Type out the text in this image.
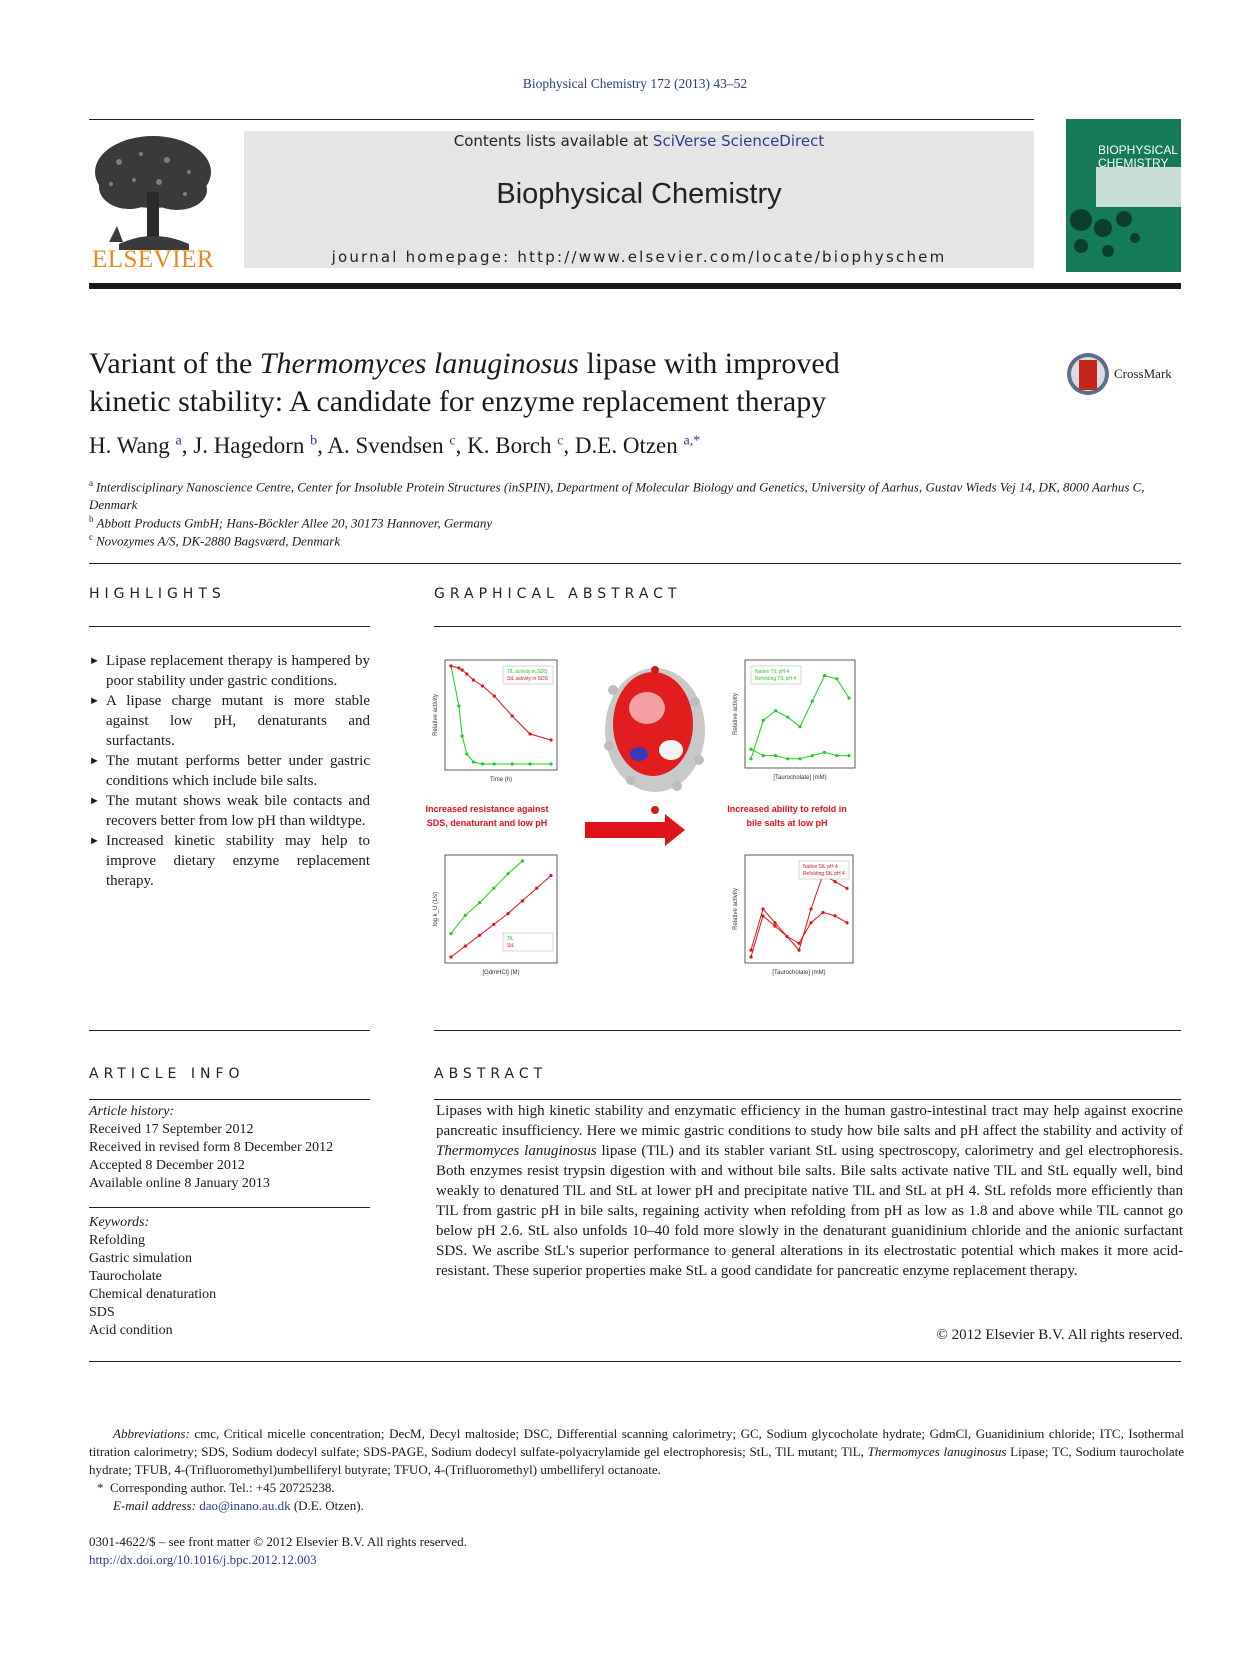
Biophysical Chemistry 172 (2013) 43–52
ELSEVIER
Contents lists available at SciVerse ScienceDirect
Biophysical Chemistry
journal homepage: http://www.elsevier.com/locate/biophyschem
BIOPHYSICAL
CHEMISTRY
Variant of the Thermomyces lanuginosus lipase with improved
kinetic stability: A candidate for enzyme replacement therapy
CrossMark
H. Wang $^a$, J. Hagedorn $^b$, A. Svendsen $^c$, K. Borch $^c$, D.E. Otzen $^{a,*}$
$^a$ Interdisciplinary Nanoscience Centre, Center for Insoluble Protein Structures (inSPIN), Department of Molecular Biology and Genetics, University of Aarhus, Gustav Wieds Vej 14, DK, 8000 Aarhus C, Denmark
$^b$ Abbott Products GmbH; Hans-Böckler Allee 20, 30173 Hannover, Germany
$^c$ Novozymes A/S, DK-2880 Bagsværd, Denmark
HIGHLIGHTS	GRAPHICAL ABSTRACT
► Lipase replacement therapy is hampered by poor stability under gastric conditions.
► A lipase charge mutant is more stable against low pH, denaturants and surfactants.
► The mutant performs better under gastric conditions which include bile salts.
► The mutant shows weak bile contacts and recovers better from low pH than wildtype.
► Increased kinetic stability may help to improve dietary enzyme replacement therapy.
TlL activity in SDS
StL activity in SDS
Time (h)
Relative activity
Native TlL pH 4
Refolding TlL pH 4
[Taurocholate] (mM)
Relative activity
TlL
StL
[GdmHCl] (M)
log k_U (1/s)
Native StL pH 4
Refolding StL pH 4
[Taurocholate] (mM)
Relative activity
Increased resistance against
SDS, denaturant and low pH
Increased ability to refold in
bile salts at low pH
ARTICLE INFO	ABSTRACT
Article history:
Received 17 September 2012
Received in revised form 8 December 2012
Accepted 8 December 2012
Available online 8 January 2013
Keywords:
Refolding
Gastric simulation
Taurocholate
Chemical denaturation
SDS
Acid condition
Lipases with high kinetic stability and enzymatic efficiency in the human gastro-intestinal tract may help against exocrine pancreatic insufficiency. Here we mimic gastric conditions to study how bile salts and pH affect the stability and activity of Thermomyces lanuginosus lipase (TlL) and its stabler variant StL using spectroscopy, calorimetry and gel electrophoresis. Both enzymes resist trypsin digestion with and without bile salts. Bile salts activate native TlL and StL equally well, bind weakly to denatured TlL and StL at lower pH and precipitate native TlL and StL at pH 4. StL refolds more efficiently than TlL from gastric pH in bile salts, regaining activity when refolding from pH as low as 1.8 and above while TlL cannot go below pH 2.6. StL also unfolds 10–40 fold more slowly in the denaturant guanidinium chloride and the anionic surfactant SDS. We ascribe StL's superior performance to general alterations in its electrostatic potential which makes it more acid-resistant. These superior properties make StL a good candidate for pancreatic enzyme replacement therapy.
© 2012 Elsevier B.V. All rights reserved.
Abbreviations: cmc, Critical micelle concentration; DecM, Decyl maltoside; DSC, Differential scanning calorimetry; GC, Sodium glycocholate hydrate; GdmCl, Guanidinium chloride; ITC, Isothermal titration calorimetry; SDS, Sodium dodecyl sulfate; SDS-PAGE, Sodium dodecyl sulfate-polyacrylamide gel electrophoresis; StL, TlL mutant; TlL, Thermomyces lanuginosus Lipase; TC, Sodium taurocholate hydrate; TFUB, 4-(Trifluoromethyl)umbelliferyl butyrate; TFUO, 4-(Trifluoromethyl) umbelliferyl octanoate.
*  Corresponding author. Tel.: +45 20725238.
E-mail address: dao@inano.au.dk (D.E. Otzen).
0301-4622/$ – see front matter © 2012 Elsevier B.V. All rights reserved.
http://dx.doi.org/10.1016/j.bpc.2012.12.003
